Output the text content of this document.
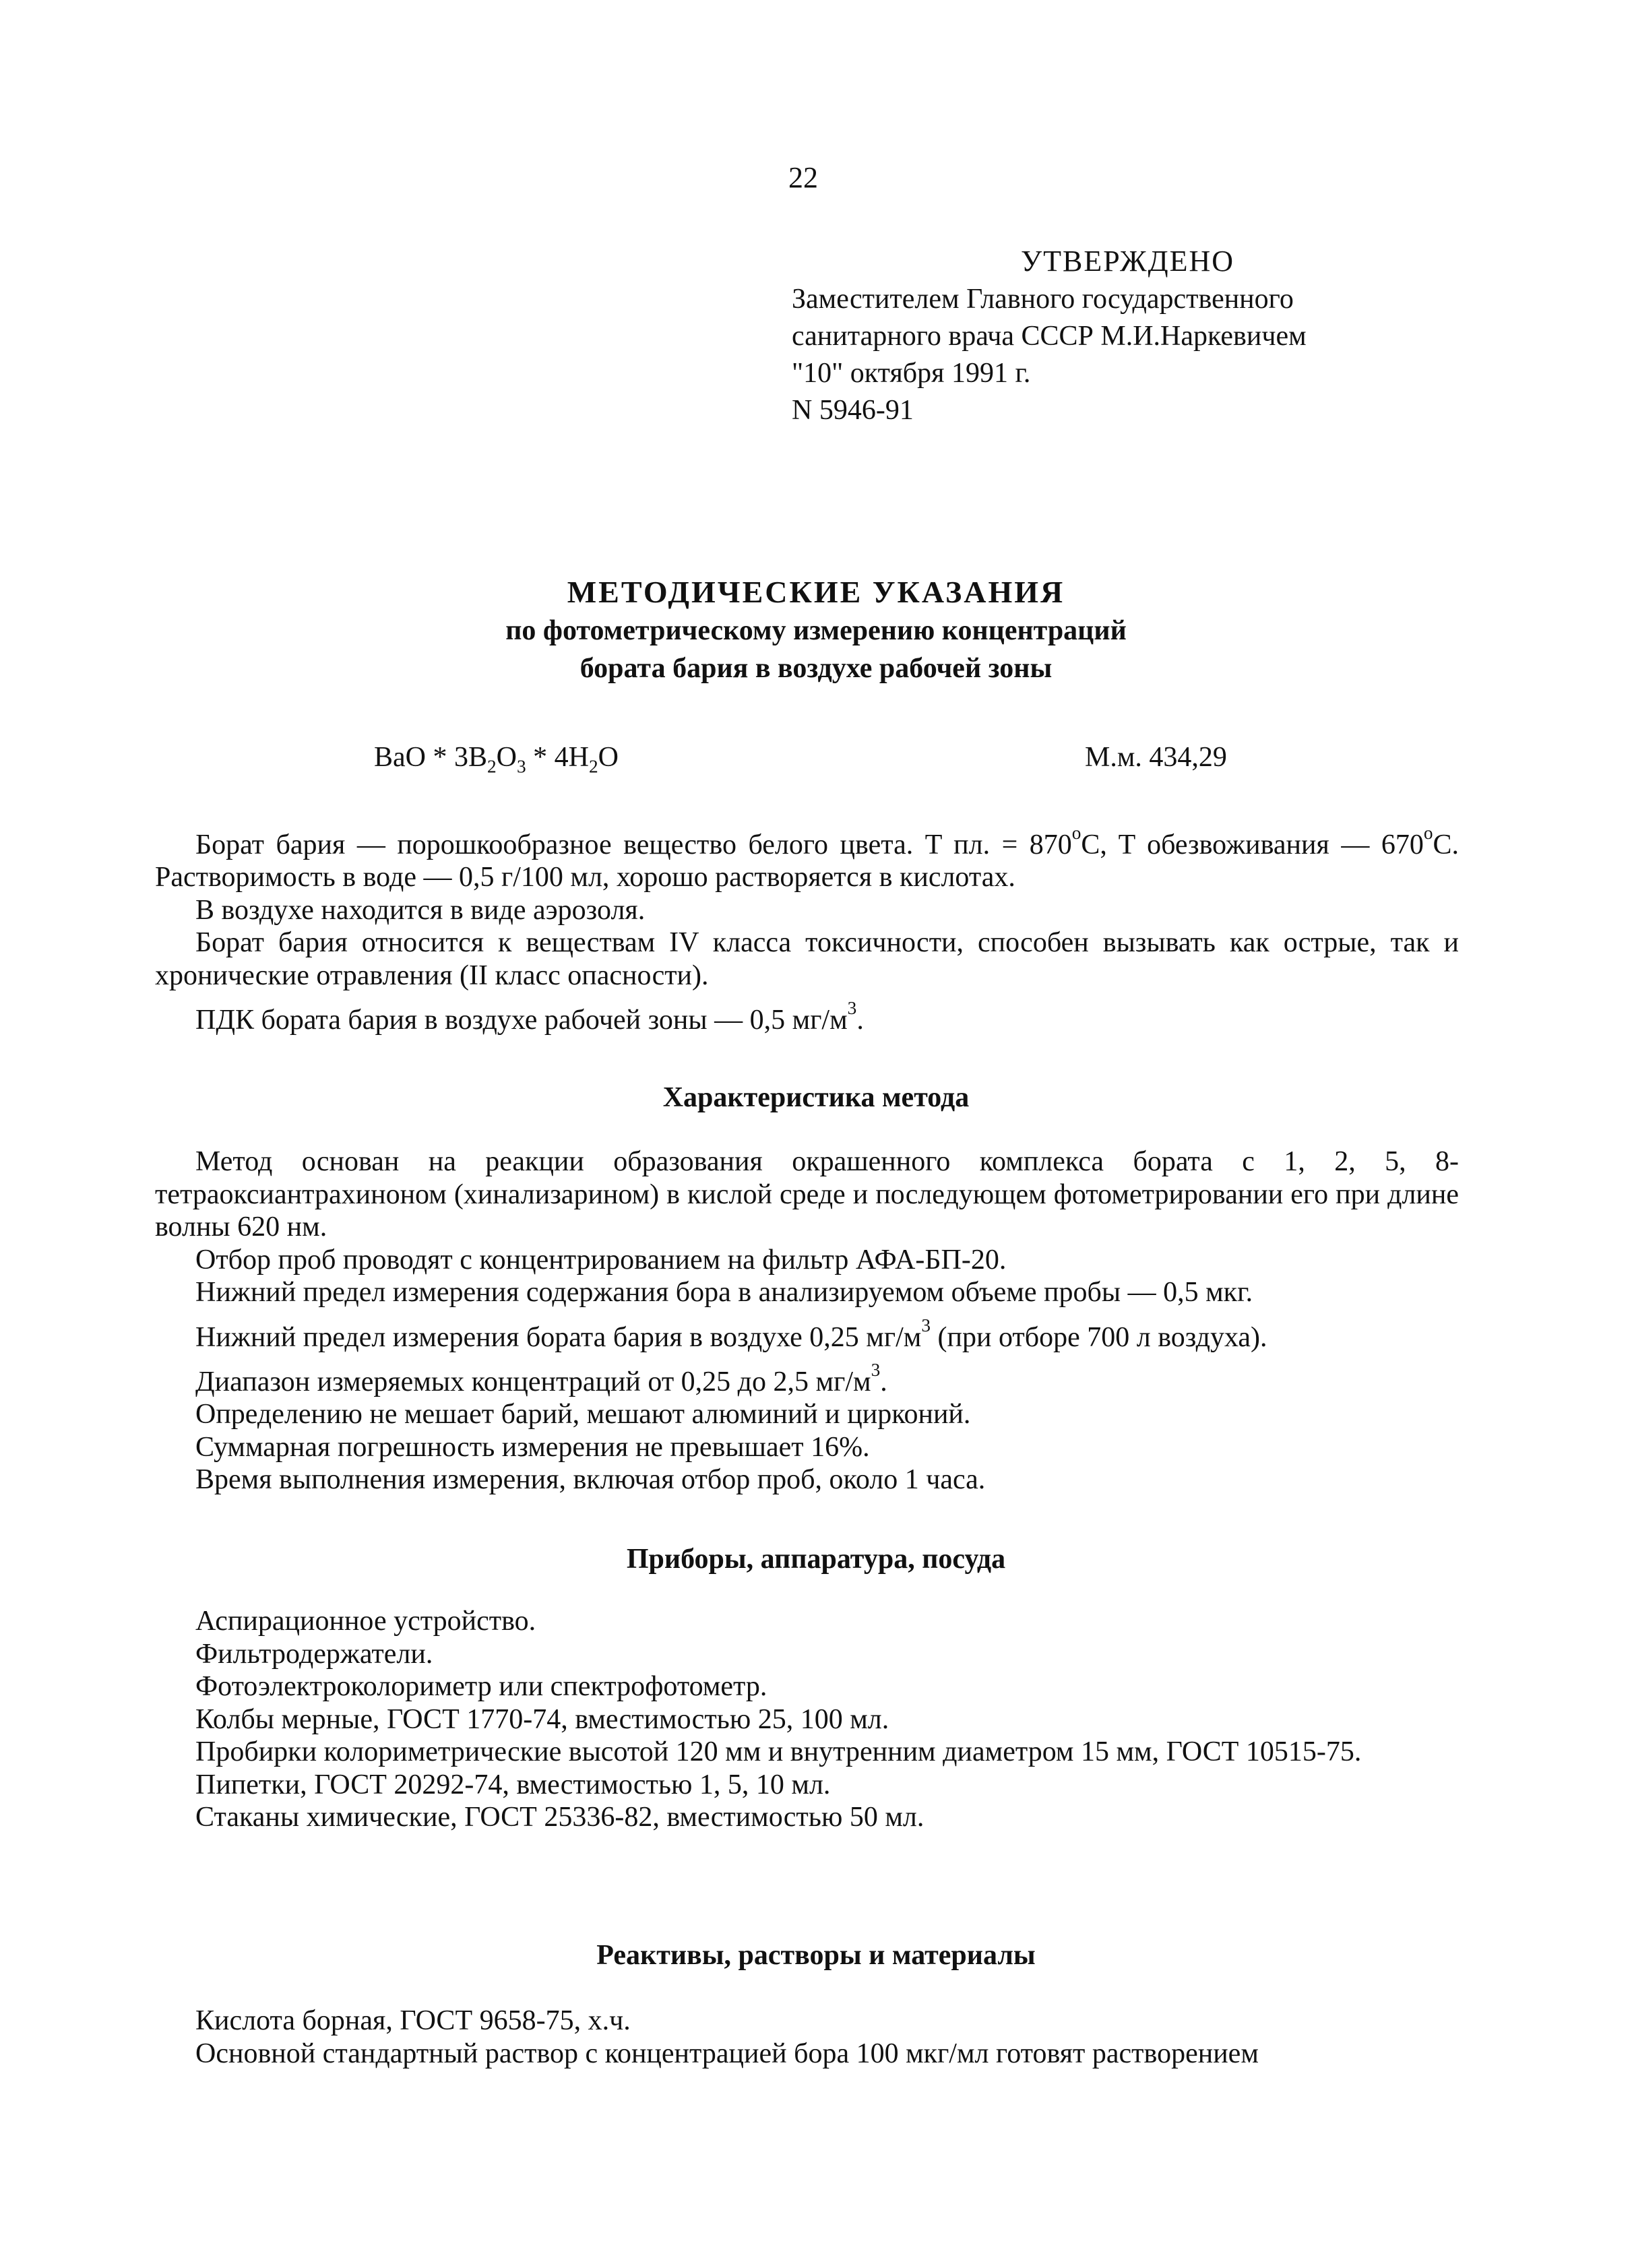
22
УТВЕРЖДЕНО
Заместителем Главного государственного
санитарного врача СССР М.И.Наркевичем
"10" октября 1991 г.
N 5946-91
МЕТОДИЧЕСКИЕ УКАЗАНИЯ
по фотометрическому измерению концентраций
бората бария в воздухе рабочей зоны
BaO * $3B_2O_3 * 4H_2O$	М.м. 434,29

Борат бария — порошкообразное вещество белого цвета. T пл. = $870^oC$, T обезвоживания — 670$^o$C. Растворимость в воде — 0,5 г/100 мл, хорошо растворяется в кислотах.

В воздухе находится в виде аэрозоля.

Борат бария относится к веществам IV класса токсичности, способен вызывать как острые, так и хронические отравления (II класс опасности).

ПДК бората бария в воздухе рабочей зоны — 0,5 $мг/м^3$.

Характеристика метода

Метод основан на реакции образования окрашенного комплекса бората с 1, 2, 5, 8-тетраоксиантрахиноном (хинализарином) в кислой среде и последующем фотометрировании его при длине волны 620 нм.

Отбор проб проводят с концентрированием на фильтр АФА-БП-20.

Нижний предел измерения содержания бора в анализируемом объеме пробы — 0,5 мкг.

Нижний предел измерения бората бария в воздухе 0,25 $мг/м^3$ (при отборе 700 л воздуха).

Диапазон измеряемых концентраций от 0,25 до 2,5 $мг/м^3$.

Определению не мешает барий, мешают алюминий и цирконий.

Суммарная погрешность измерения не превышает 16%.

Время выполнения измерения, включая отбор проб, около 1 часа.

Приборы, аппаратура, посуда

Аспирационное устройство.

Фильтродержатели.

Фотоэлектроколориметр или спектрофотометр.

Колбы мерные, ГОСТ 1770-74, вместимостью 25, 100 мл.

Пробирки колориметрические высотой 120 мм и внутренним диаметром 15 мм, ГОСТ 10515-75.

Пипетки, ГОСТ 20292-74, вместимостью 1, 5, 10 мл.

Стаканы химические, ГОСТ 25336-82, вместимостью 50 мл.

Реактивы, растворы и материалы

Кислота борная, ГОСТ 9658-75, х.ч.

Основной стандартный раствор с концентрацией бора 100 мкг/мл готовят растворением
